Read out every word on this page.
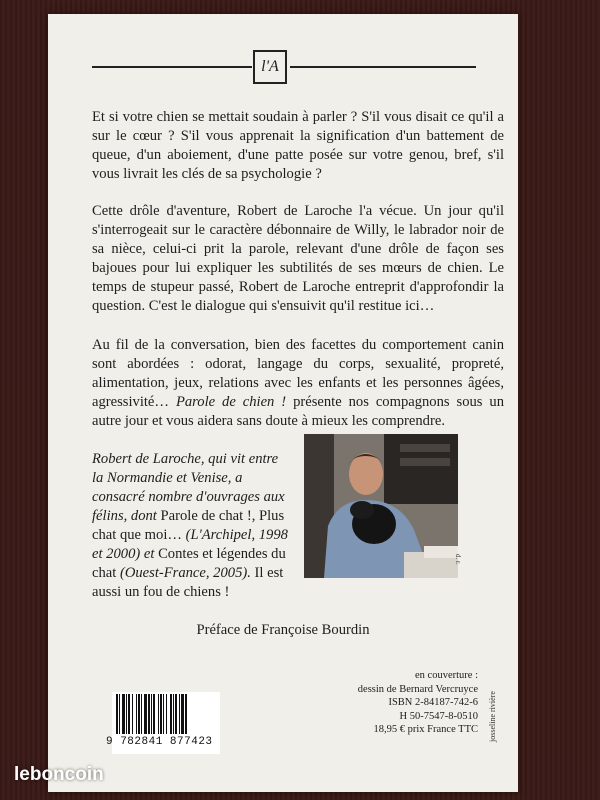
l'A

Et si votre chien se mettait soudain à parler ? S'il vous disait ce qu'il a sur le cœur ? S'il vous apprenait la signification d'un battement de queue, d'un aboiement, d'une patte posée sur votre genou, bref, s'il vous livrait les clés de sa psychologie ?

Cette drôle d'aventure, Robert de Laroche l'a vécue. Un jour qu'il s'interrogeait sur le caractère débonnaire de Willy, le labrador noir de sa nièce, celui-ci prit la parole, relevant d'une drôle de façon ses bajoues pour lui expliquer les subtilités de ses mœurs de chien. Le temps de stupeur passé, Robert de Laroche entreprit d'approfondir la question. C'est le dialogue qui s'ensuivit qu'il restitue ici…

Au fil de la conversation, bien des facettes du comportement canin sont abordées : odorat, langage du corps, sexualité, propreté, alimentation, jeux, relations avec les enfants et les personnes âgées, agressivité… Parole de chien ! présente nos compagnons sous un autre jour et vous aidera sans doute à mieux les comprendre.

Robert de Laroche, qui vit entre la Normandie et Venise, a consacré nombre d'ouvrages aux félins, dont Parole de chat !, Plus chat que moi… (L'Archipel, 1998 et 2000) et Contes et légendes du chat (Ouest-France, 2005). Il est aussi un fou de chiens !

d. r.
Préface de Françoise Bourdin
9 782841 877423
en couverture :
dessin de Bernard Vercruyce
ISBN 2-84187-742-6
H 50-7547-8-0510
18,95 € prix France TTC josseline rivière
leboncoin
